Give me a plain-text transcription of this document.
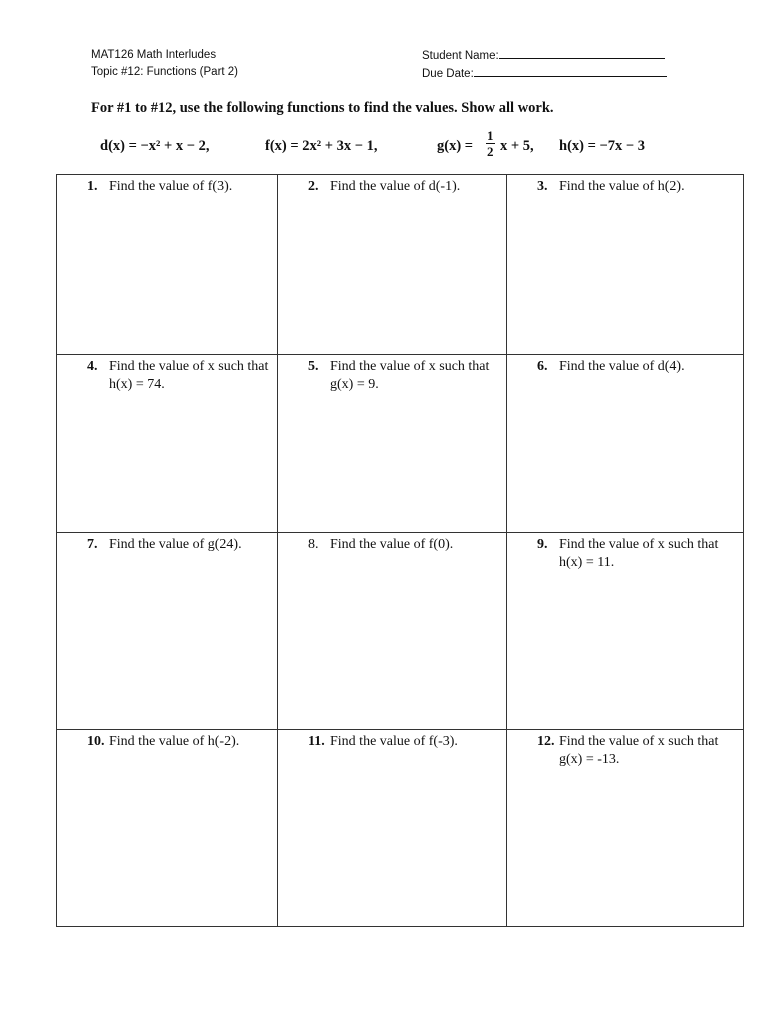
MAT126 Math Interludes
Topic #12: Functions (Part 2)
Student Name:
Due Date:
For #1 to #12, use the following functions to find the values. Show all work.
d(x) = −x² + x − 2,	f(x) = 2x² + 3x − 1,	$g(x) = \frac{1}{2}$ x + 5, h(x) = −7x − 3
1. Find the value of f(3).	2. Find the value of d(-1).	3. Find the value of h(2).

4. Find the value of x such that h(x) = 74.	5. Find the value of x such that g(x) = 9.	6. Find the value of d(4).

7. Find the value of g(24).	8. Find the value of f(0).	9. Find the value of x such that h(x) = 11.

10. Find the value of h(-2).	11. Find the value of f(-3).	12. Find the value of x such that g(x) = -13.
